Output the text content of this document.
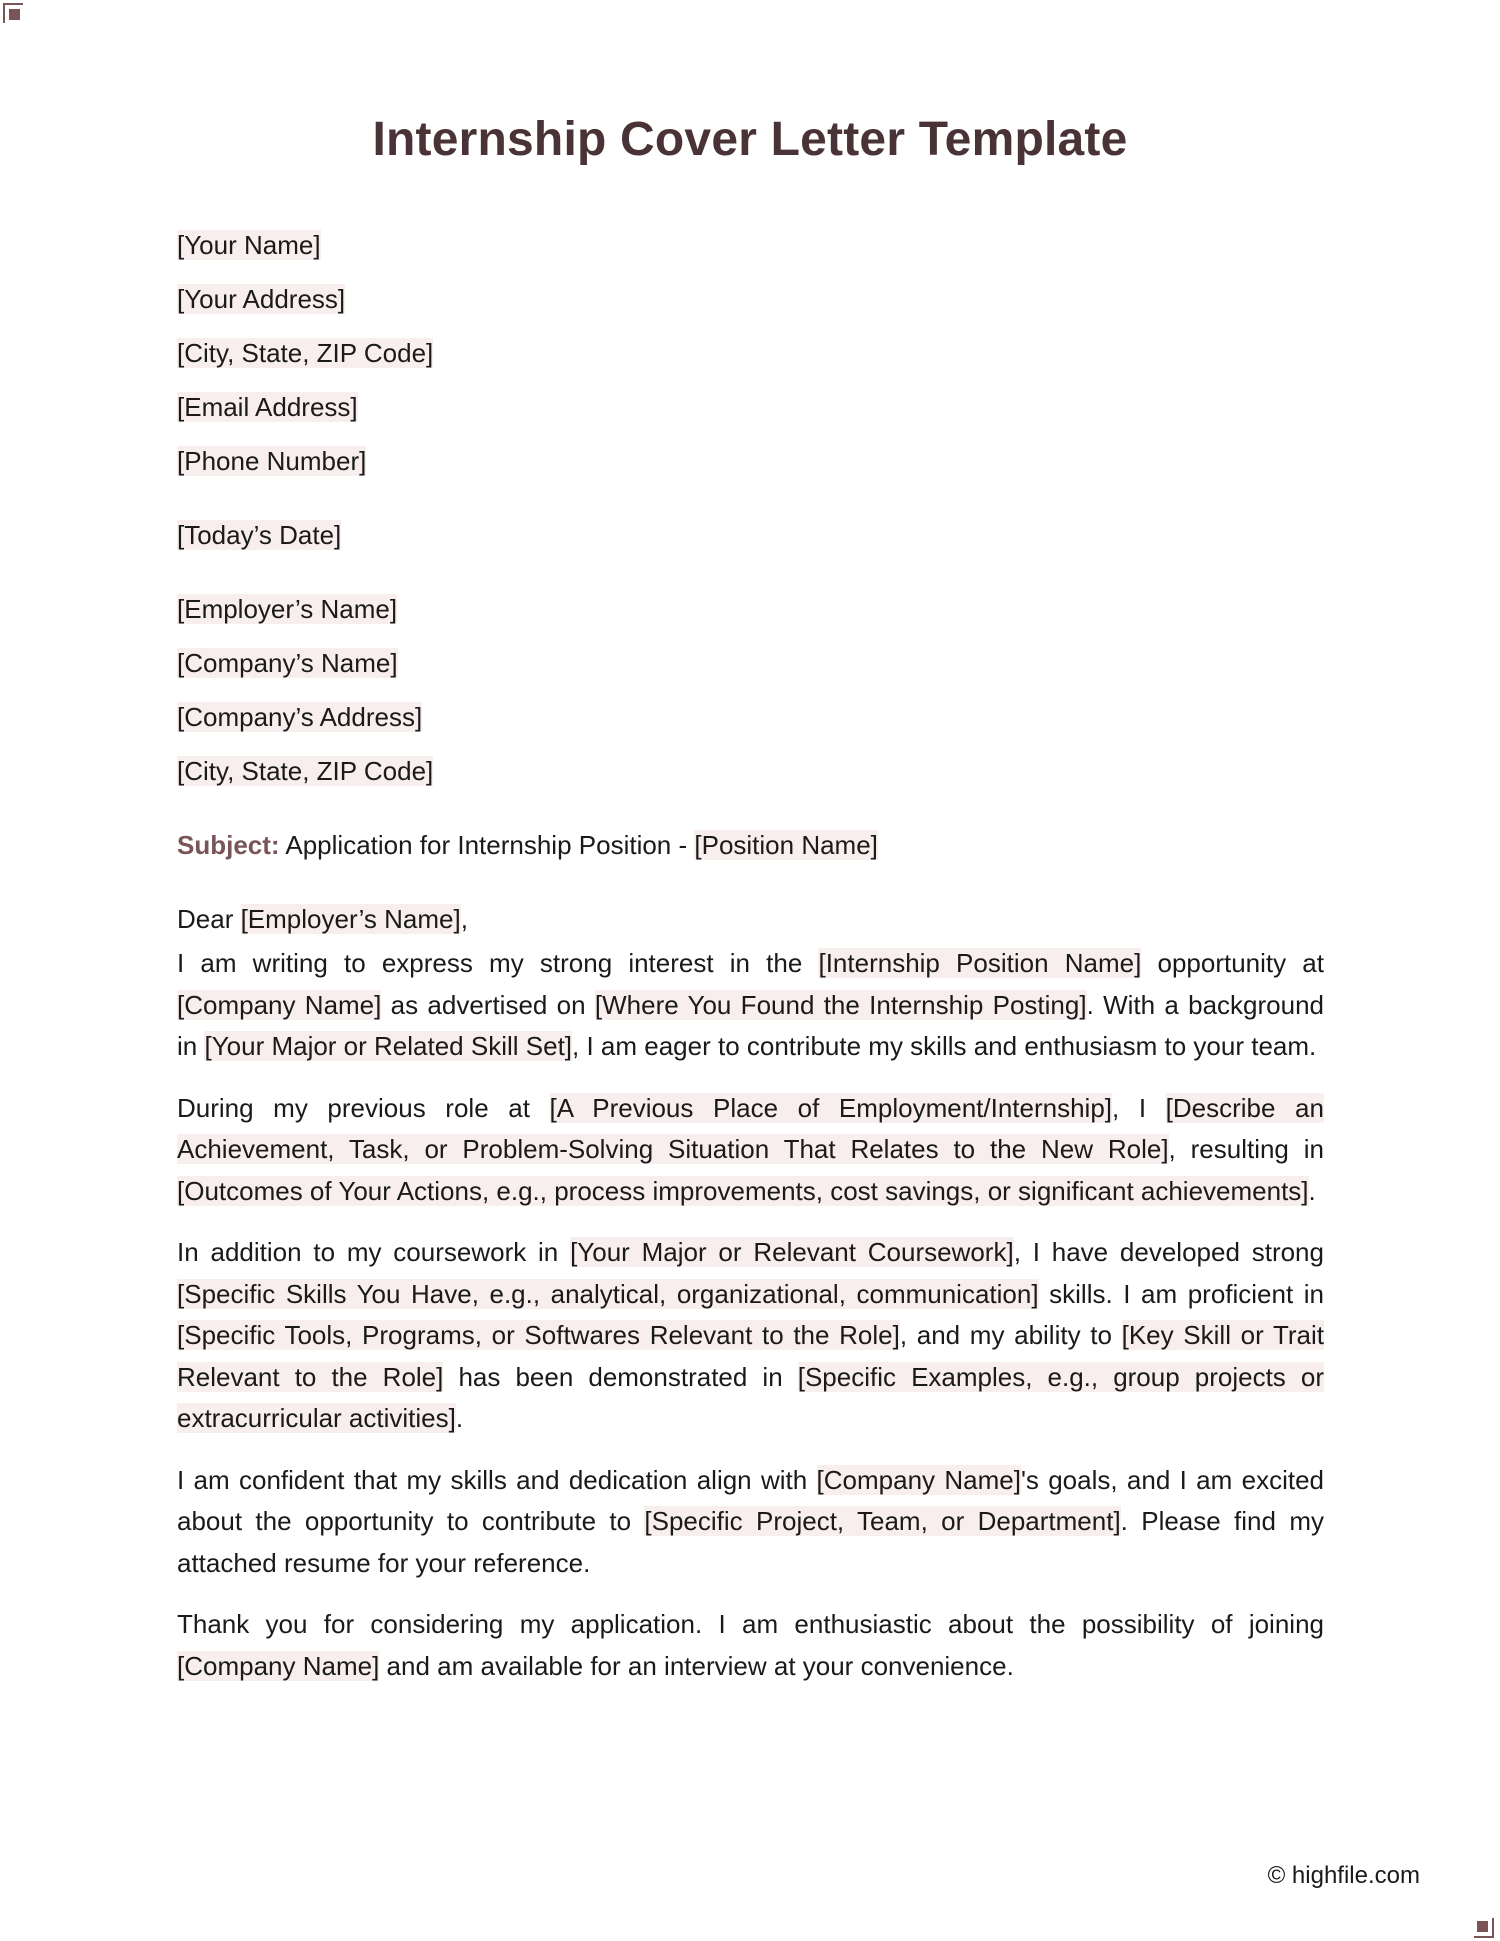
Internship Cover Letter Template
[Your Name]
[Your Address]
[City, State, ZIP Code]
[Email Address]
[Phone Number]
[Today’s Date]
[Employer’s Name]
[Company’s Name]
[Company’s Address]
[City, State, ZIP Code]
Subject: Application for Internship Position - [Position Name]
Dear [Employer’s Name],

I am writing to express my strong interest in the [Internship Position Name] opportunity at [Company Name] as advertised on [Where You Found the Internship Posting]. With a background in [Your Major or Related Skill Set], I am eager to contribute my skills and enthusiasm to your team.

During my previous role at [A Previous Place of Employment/Internship], I [Describe an Achievement, Task, or Problem-Solving Situation That Relates to the New Role], resulting in [Outcomes of Your Actions, e.g., process improvements, cost savings, or significant achievements].

In addition to my coursework in [Your Major or Relevant Coursework], I have developed strong [Specific Skills You Have, e.g., analytical, organizational, communication] skills. I am proficient in [Specific Tools, Programs, or Softwares Relevant to the Role], and my ability to [Key Skill or Trait Relevant to the Role] has been demonstrated in [Specific Examples, e.g., group projects or extracurricular activities].

I am confident that my skills and dedication align with [Company Name]'s goals, and I am excited about the opportunity to contribute to [Specific Project, Team, or Department]. Please find my attached resume for your reference.

Thank you for considering my application. I am enthusiastic about the possibility of joining [Company Name] and am available for an interview at your convenience.

© highfile.com
